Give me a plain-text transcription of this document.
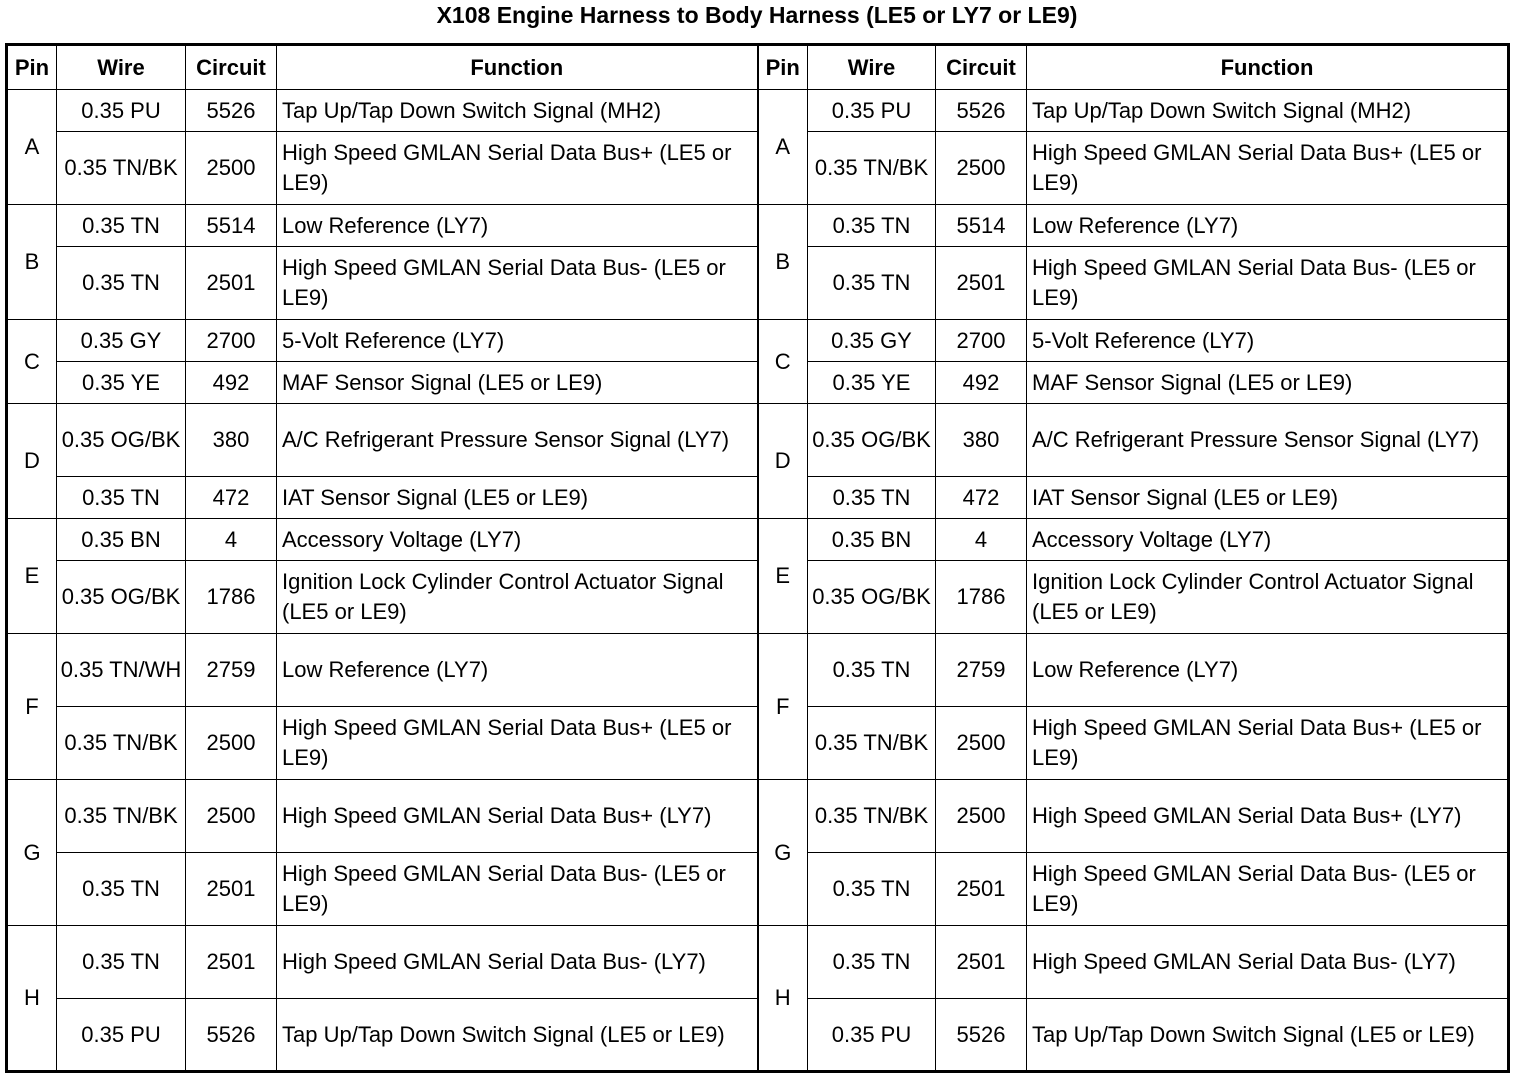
X108 Engine Harness to Body Harness (LE5 or LY7 or LE9)
Pin	Wire	Circuit	Function	Pin	Wire	Circuit	Function
A	0.35 PU	5526	Tap Up/Tap Down Switch Signal (MH2)	A	0.35 PU	5526	Tap Up/Tap Down Switch Signal (MH2)
	0.35 TN/BK	2500	High Speed GMLAN Serial Data Bus+ (LE5 or LE9)		0.35 TN/BK	2500	High Speed GMLAN Serial Data Bus+ (LE5 or LE9)
B	0.35 TN	5514	Low Reference (LY7)	B	0.35 TN	5514	Low Reference (LY7)
	0.35 TN	2501	High Speed GMLAN Serial Data Bus- (LE5 or LE9)		0.35 TN	2501	High Speed GMLAN Serial Data Bus- (LE5 or LE9)
C	0.35 GY	2700	5-Volt Reference (LY7)	C	0.35 GY	2700	5-Volt Reference (LY7)
	0.35 YE	492	MAF Sensor Signal (LE5 or LE9)		0.35 YE	492	MAF Sensor Signal (LE5 or LE9)
D	0.35 OG/BK	380	A/C Refrigerant Pressure Sensor Signal (LY7)	D	0.35 OG/BK	380	A/C Refrigerant Pressure Sensor Signal (LY7)
	0.35 TN	472	IAT Sensor Signal (LE5 or LE9)		0.35 TN	472	IAT Sensor Signal (LE5 or LE9)
E	0.35 BN	4	Accessory Voltage (LY7)	E	0.35 BN	4	Accessory Voltage (LY7)
	0.35 OG/BK	1786	Ignition Lock Cylinder Control Actuator Signal (LE5 or LE9)		0.35 OG/BK	1786	Ignition Lock Cylinder Control Actuator Signal (LE5 or LE9)
F	0.35 TN/WH	2759	Low Reference (LY7)	F	0.35 TN	2759	Low Reference (LY7)
	0.35 TN/BK	2500	High Speed GMLAN Serial Data Bus+ (LE5 or LE9)		0.35 TN/BK	2500	High Speed GMLAN Serial Data Bus+ (LE5 or LE9)
G	0.35 TN/BK	2500	High Speed GMLAN Serial Data Bus+ (LY7)	G	0.35 TN/BK	2500	High Speed GMLAN Serial Data Bus+ (LY7)
	0.35 TN	2501	High Speed GMLAN Serial Data Bus- (LE5 or LE9)		0.35 TN	2501	High Speed GMLAN Serial Data Bus- (LE5 or LE9)
H	0.35 TN	2501	High Speed GMLAN Serial Data Bus- (LY7)	H	0.35 TN	2501	High Speed GMLAN Serial Data Bus- (LY7)
	0.35 PU	5526	Tap Up/Tap Down Switch Signal (LE5 or LE9)		0.35 PU	5526	Tap Up/Tap Down Switch Signal (LE5 or LE9)
